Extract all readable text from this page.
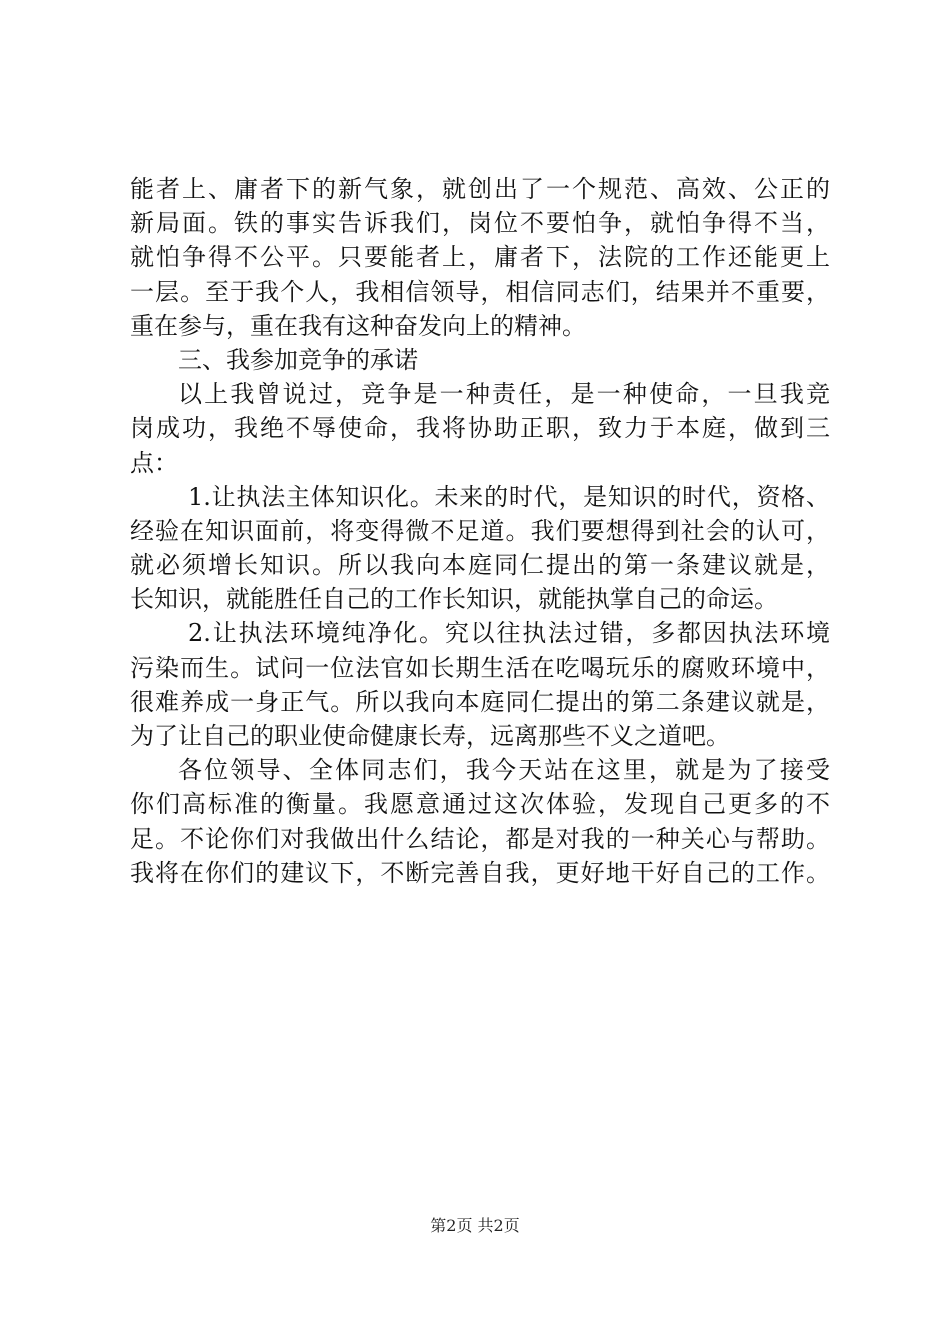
能者上、庸者下的新气象，就创出了一个规范、高效、公正的
新局面。铁的事实告诉我们，岗位不要怕争，就怕争得不当，
就怕争得不公平。只要能者上，庸者下，法院的工作还能更上
一层。至于我个人，我相信领导，相信同志们，结果并不重要，
重在参与，重在我有这种奋发向上的精神。
三、我参加竞争的承诺
以上我曾说过，竞争是一种责任，是一种使命，一旦我竞
岗成功，我绝不辱使命，我将协助正职，致力于本庭，做到三
点：
1.让执法主体知识化。未来的时代，是知识的时代，资格、
经验在知识面前，将变得微不足道。我们要想得到社会的认可，
就必须增长知识。所以我向本庭同仁提出的第一条建议就是，
长知识，就能胜任自己的工作长知识，就能执掌自己的命运。
2.让执法环境纯净化。究以往执法过错，多都因执法环境
污染而生。试问一位法官如长期生活在吃喝玩乐的腐败环境中，
很难养成一身正气。所以我向本庭同仁提出的第二条建议就是，
为了让自己的职业使命健康长寿，远离那些不义之道吧。
各位领导、全体同志们，我今天站在这里，就是为了接受
你们高标准的衡量。我愿意通过这次体验，发现自己更多的不
足。不论你们对我做出什么结论，都是对我的一种关心与帮助。
我将在你们的建议下，不断完善自我，更好地干好自己的工作。
第2页 共2页
